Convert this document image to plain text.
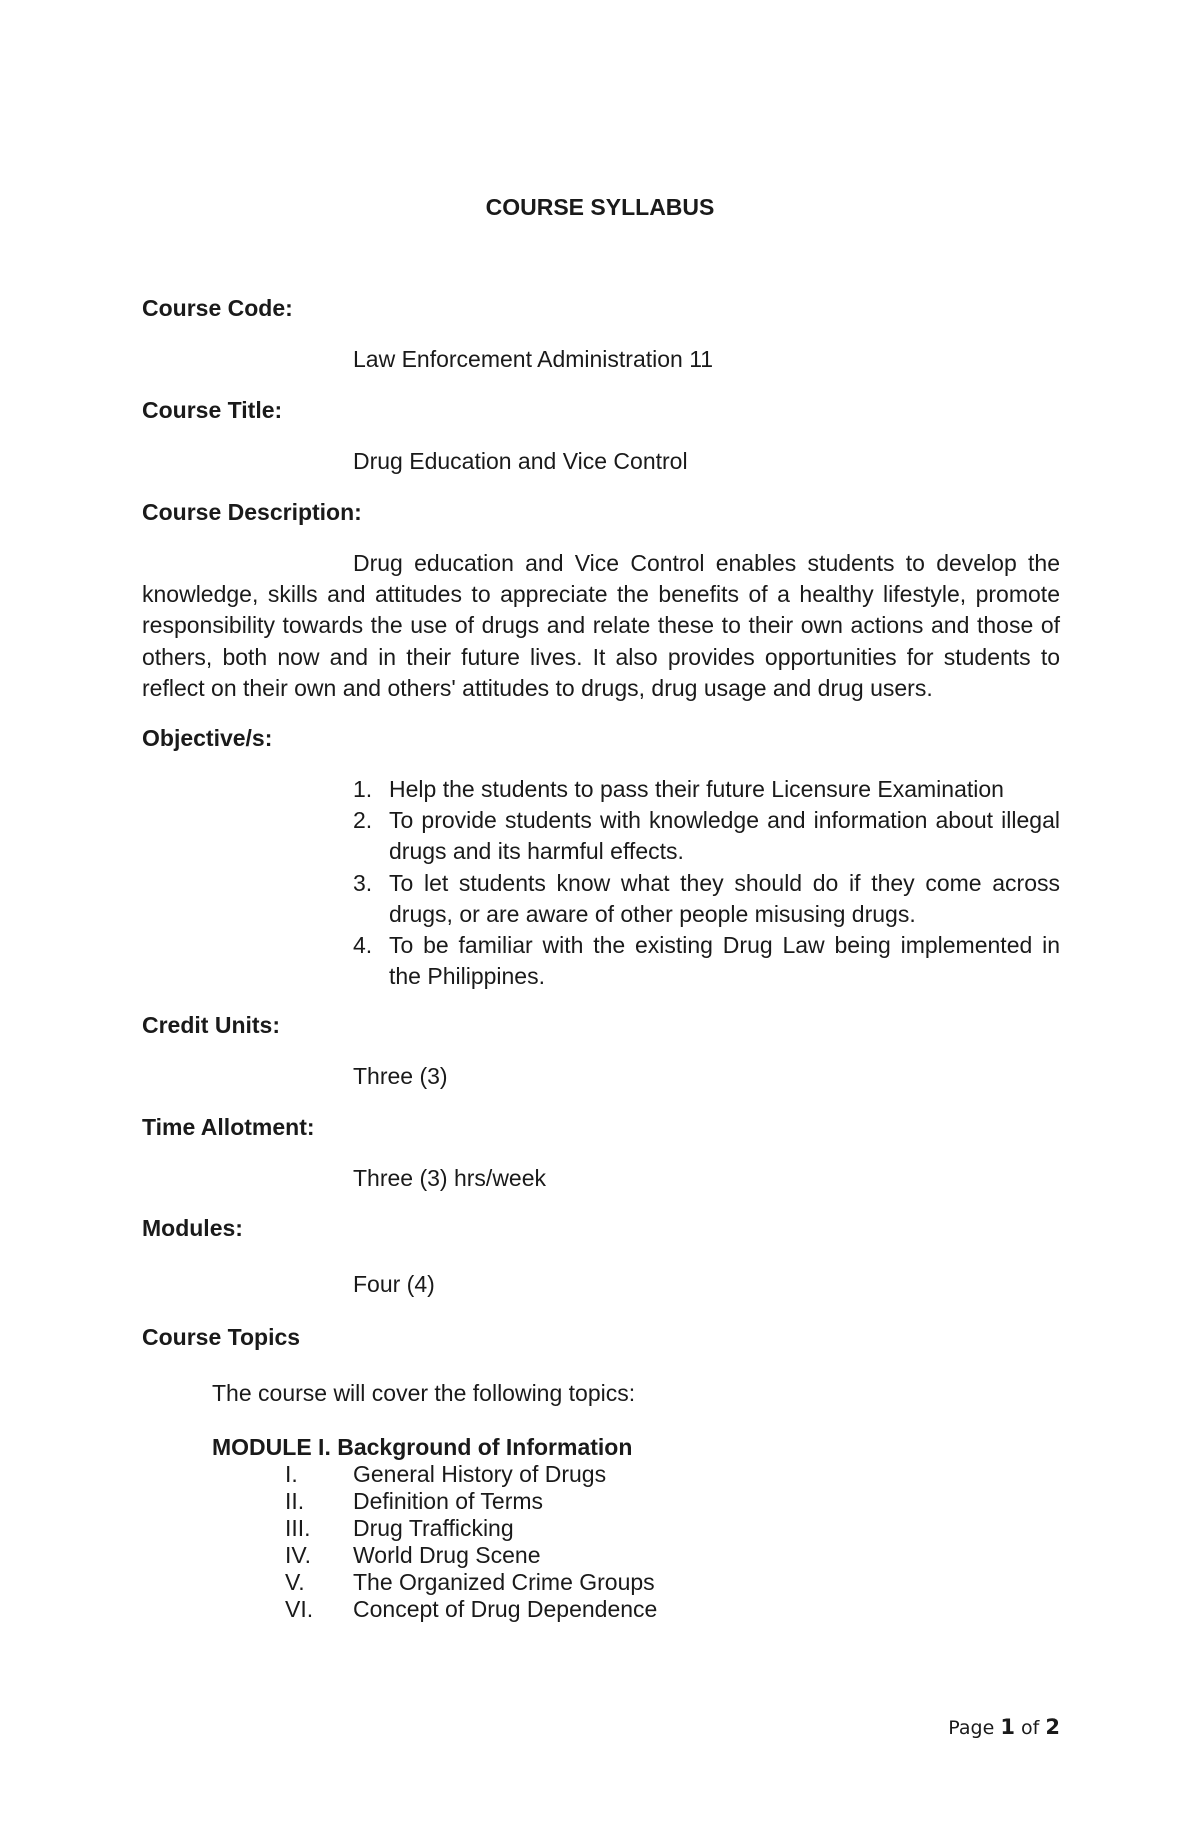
COURSE SYLLABUS
Course Code:
Law Enforcement Administration 11
Course Title:
Drug Education and Vice Control
Course Description:
Drug education and Vice Control enables students to develop the knowledge, skills and attitudes to appreciate the benefits of a healthy lifestyle, promote responsibility towards the use of drugs and relate these to their own actions and those of others, both now and in their future lives. It also provides opportunities for students to reflect on their own and others' attitudes to drugs, drug usage and drug users.
Objective/s:
1. Help the students to pass their future Licensure Examination
2. To provide students with knowledge and information about illegal drugs and its harmful effects.
3. To let students know what they should do if they come across drugs, or are aware of other people misusing drugs.
4. To be familiar with the existing Drug Law being implemented in the Philippines.
Credit Units:
Three (3)
Time Allotment:
Three (3) hrs/week
Modules:
Four (4)
Course Topics
The course will cover the following topics:
MODULE I. Background of Information
I. General History of Drugs
II. Definition of Terms
III. Drug Trafficking
IV. World Drug Scene
V. The Organized Crime Groups
VI. Concept of Drug Dependence
Page 1 of 2
